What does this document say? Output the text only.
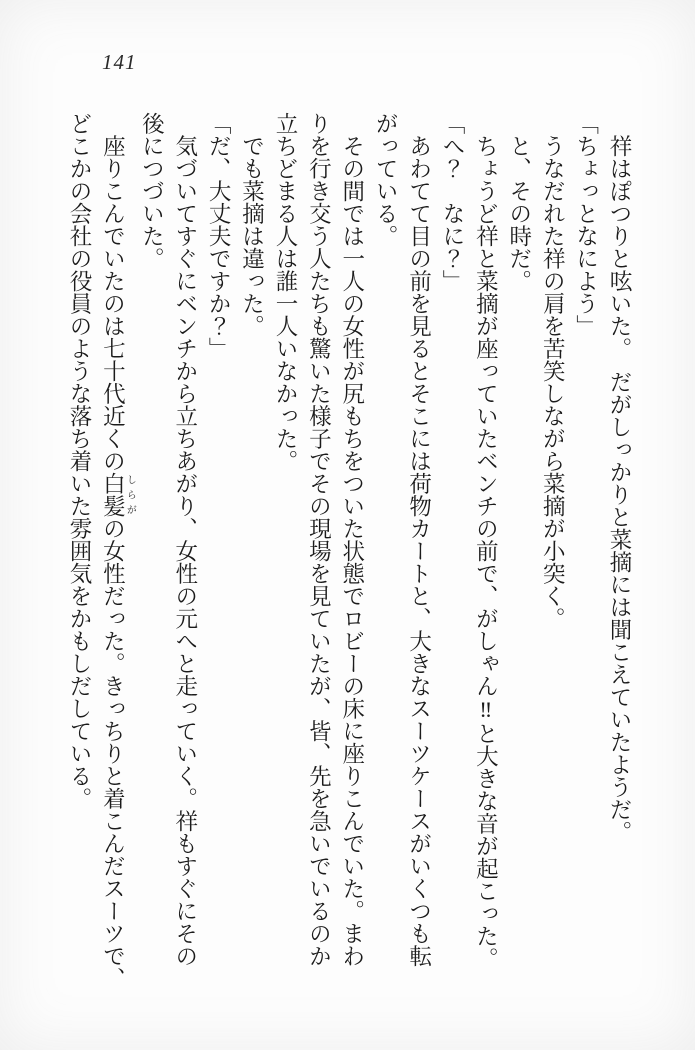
141

　祥はぽつりと呟いた。　だがしっかりと菜摘には聞こえていたようだ。

「ちょっとなによう」

　うなだれた祥の肩を苦笑しながら菜摘が小突く。

　と、その時だ。

　ちょうど祥と菜摘が座っていたベンチの前で、がしゃん‼と大きな音が起こった。

「へ？　なに？」

　あわてて目の前を見るとそこには荷物カートと、大きなスーツケースがいくつも転

がっている。

　その間では一人の女性が尻もちをついた状態でロビーの床に座りこんでいた。まわ

りを行き交う人たちも驚いた様子でその現場を見ていたが、皆、先を急いでいるのか

立ちどまる人は誰一人いなかった。

　でも菜摘は違った。

「だ、大丈夫ですか？」

　気づいてすぐにベンチから立ちあがり、女性の元へと走っていく。祥もすぐにその

後につづいた。

　座りこんでいたのは七十代近くの白髪 しらがの女性だった。きっちりと着こんだスーツで、

どこかの会社の役員のような落ち着いた雰囲気をかもしだしている。
